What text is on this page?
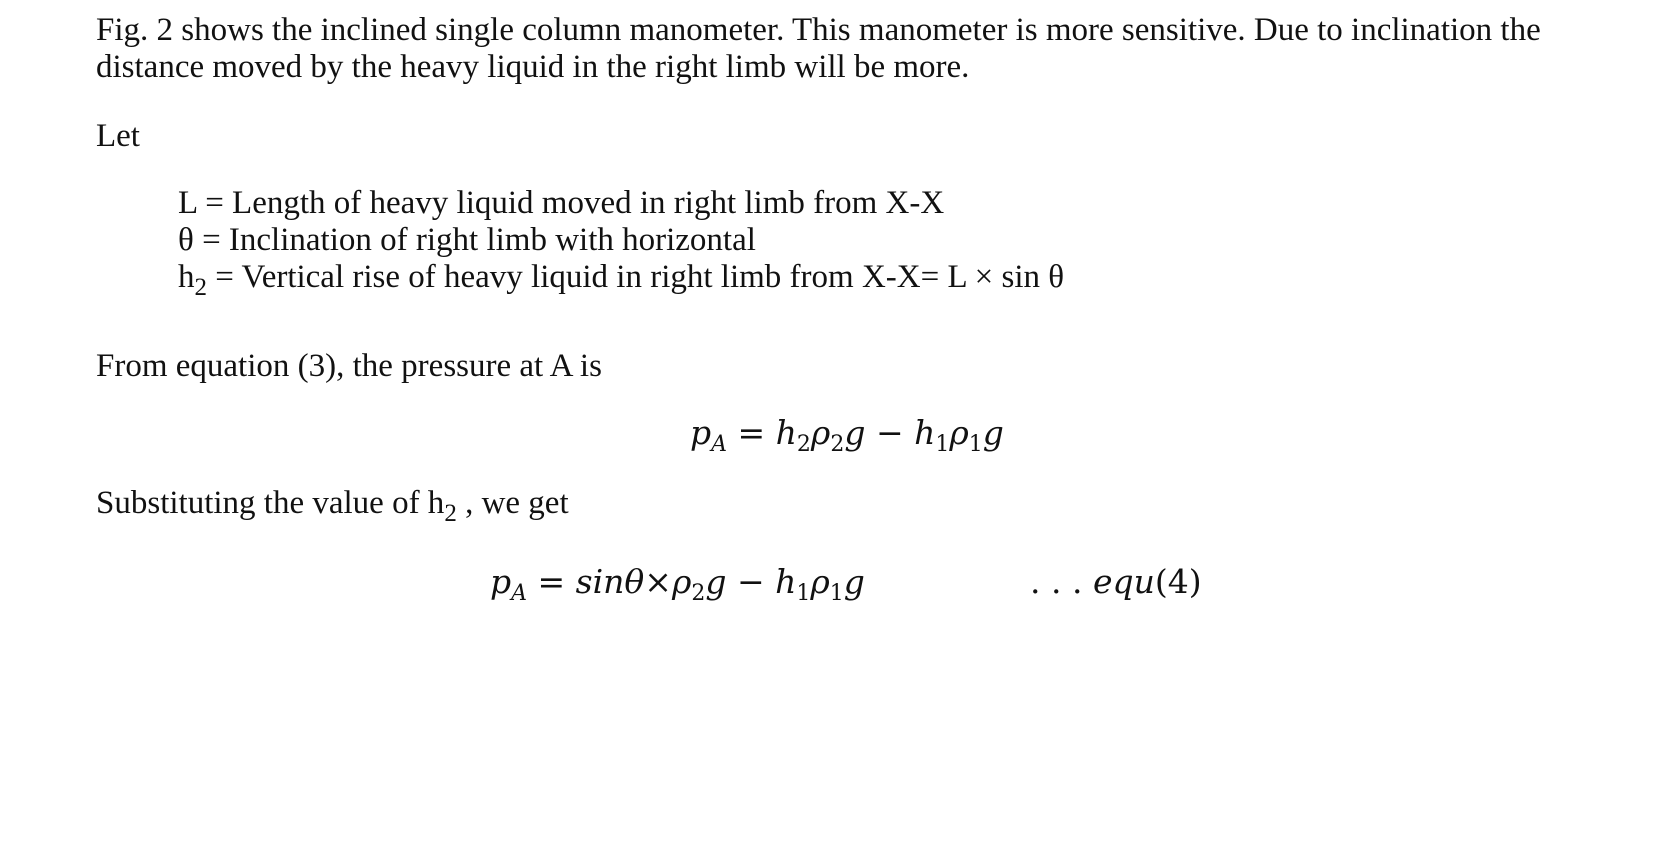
Fig. 2 shows the inclined single column manometer. This manometer is more sensitive. Due to inclination the
distance moved by the heavy liquid in the right limb will be more.

Let

L = Length of heavy liquid moved in right limb from X-X
θ = Inclination of right limb with horizontal
$h_2$ = Vertical rise of heavy liquid in right limb from X-X= L × sin θ

From equation (3), the pressure at A is

$p_A = h_2\rho_2g - h_1\rho_1g$

Substituting the value of $h_2$ , we get

$p_A = \sin\theta\times\rho_2g - h_1\rho_1g$	. . . equ(4)
